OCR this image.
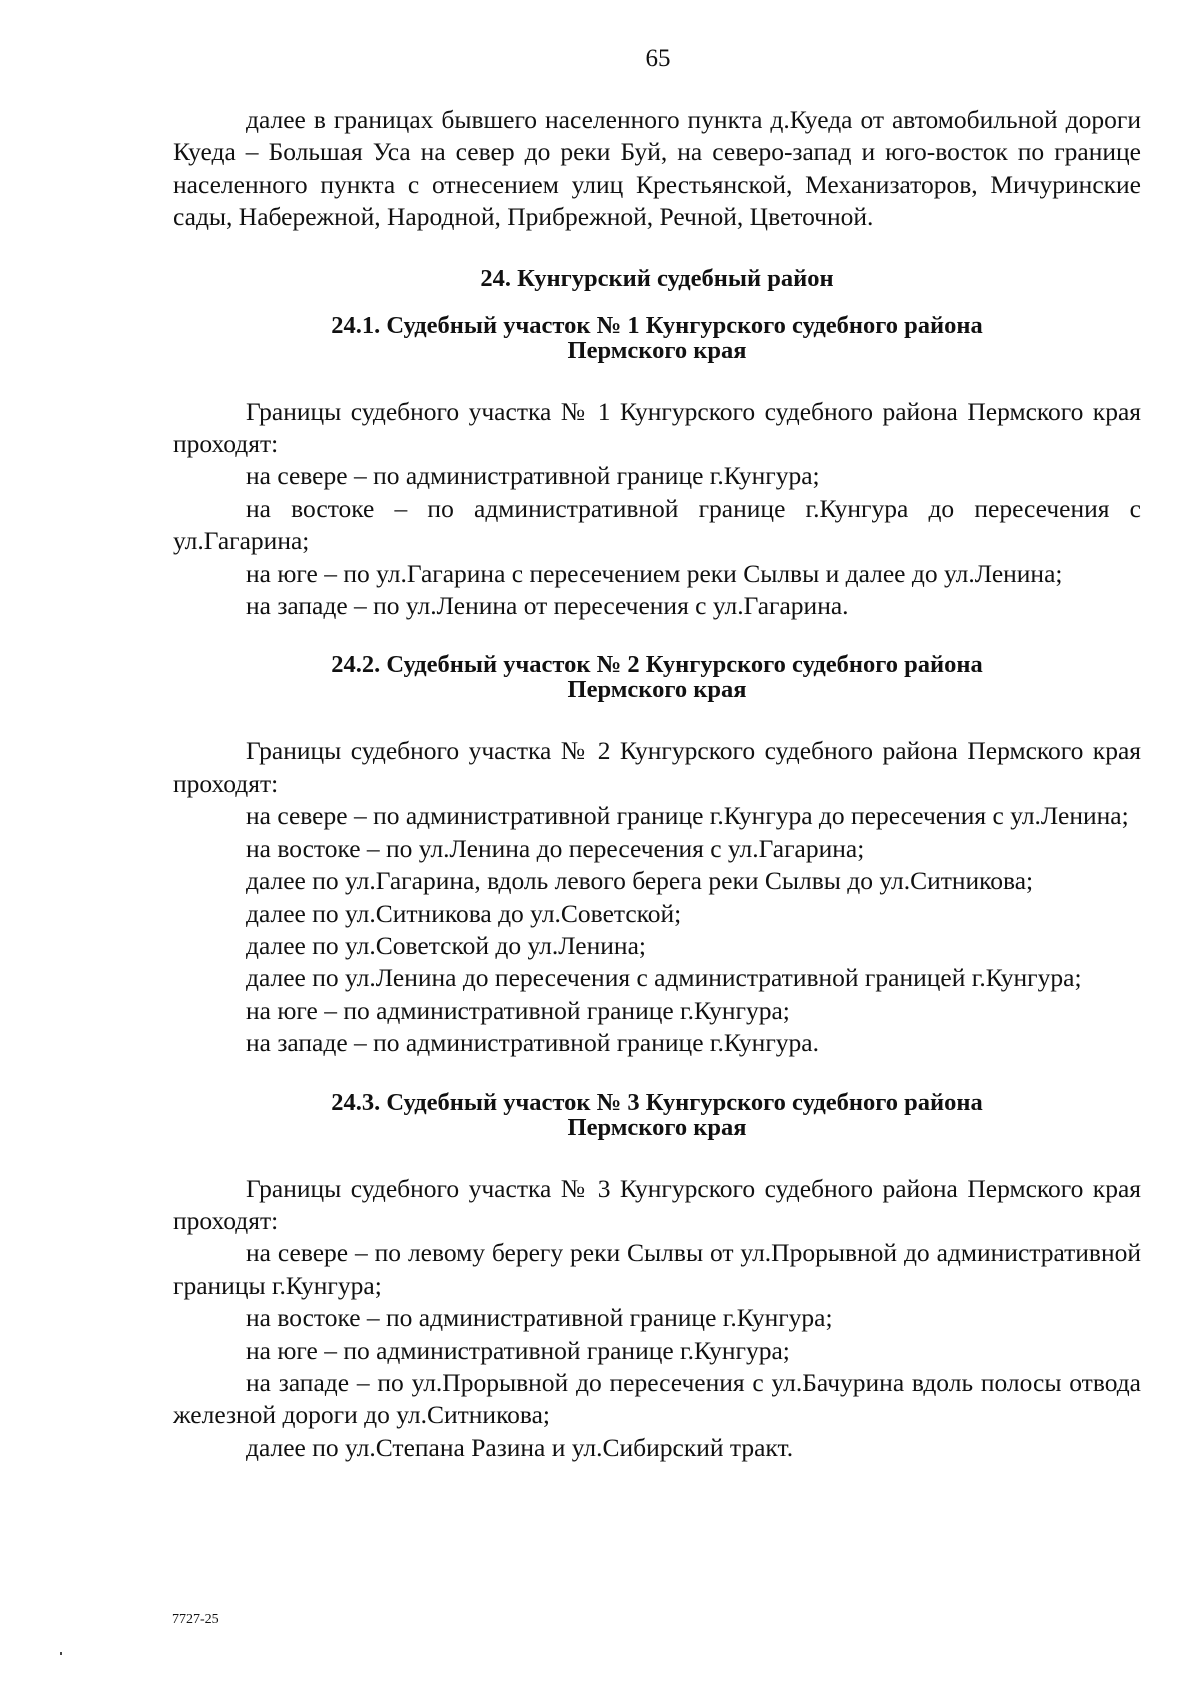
65

далее в границах бывшего населенного пункта д.Куеда от автомобильной дороги Куеда – Большая Уса на север до реки Буй, на северо-запад и юго-восток по границе населенного пункта с отнесением улиц Крестьянской, Механизаторов, Мичуринские сады, Набережной, Народной, Прибрежной, Речной, Цветочной.

24. Кунгурский судебный район

24.1. Судебный участок № 1 Кунгурского судебного района

Пермского края

Границы судебного участка № 1 Кунгурского судебного района Пермского края проходят:

на севере – по административной границе г.Кунгура;

на востоке – по административной границе г.Кунгура до пересечения с ул.Гагарина;

на юге – по ул.Гагарина с пересечением реки Сылвы и далее до ул.Ленина;

на западе – по ул.Ленина от пересечения с ул.Гагарина.

24.2. Судебный участок № 2 Кунгурского судебного района

Пермского края

Границы судебного участка № 2 Кунгурского судебного района Пермского края проходят:

на севере – по административной границе г.Кунгура до пересечения с ул.Ленина;

на востоке – по ул.Ленина до пересечения с ул.Гагарина;

далее по ул.Гагарина, вдоль левого берега реки Сылвы до ул.Ситникова;

далее по ул.Ситникова до ул.Советской;

далее по ул.Советской до ул.Ленина;

далее по ул.Ленина до пересечения с административной границей г.Кунгура;

на юге – по административной границе г.Кунгура;

на западе – по административной границе г.Кунгура.

24.3. Судебный участок № 3 Кунгурского судебного района

Пермского края

Границы судебного участка № 3 Кунгурского судебного района Пермского края проходят:

на севере – по левому берегу реки Сылвы от ул.Прорывной до административной границы г.Кунгура;

на востоке – по административной границе г.Кунгура;

на юге – по административной границе г.Кунгура;

на западе – по ул.Прорывной до пересечения с ул.Бачурина вдоль полосы отвода железной дороги до ул.Ситникова;

далее по ул.Степана Разина и ул.Сибирский тракт.

7727-25
